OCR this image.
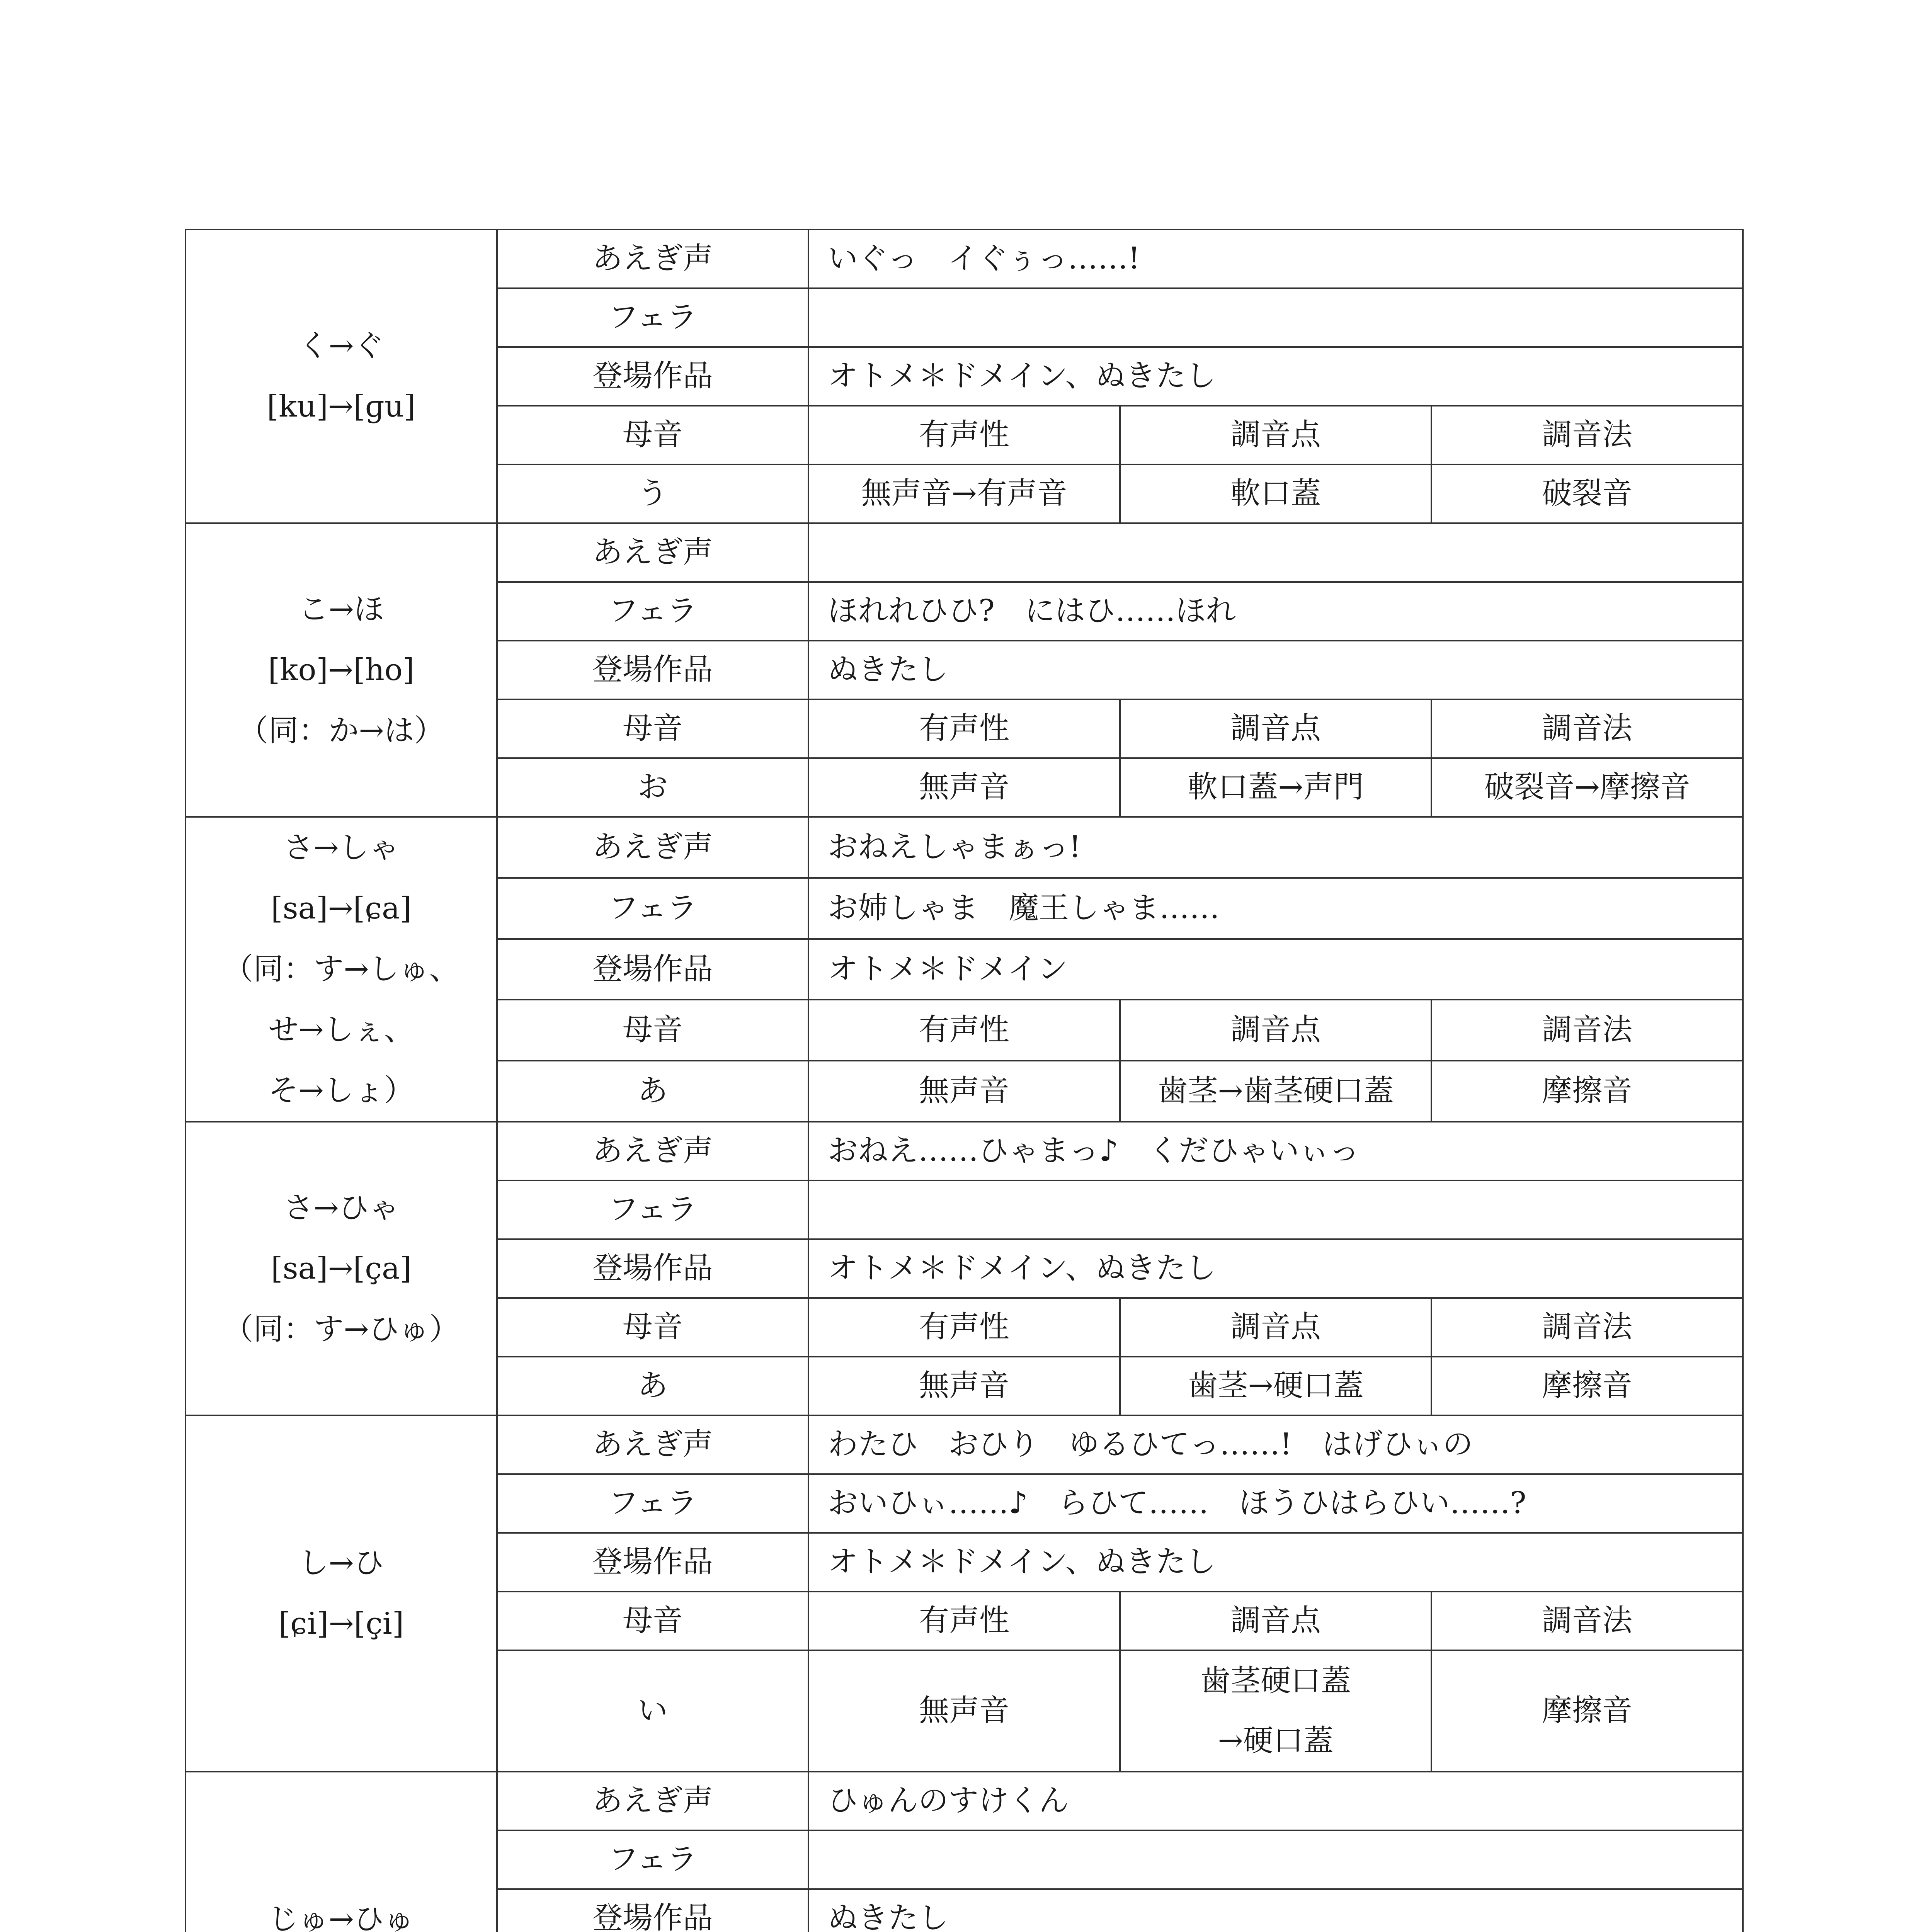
く→ぐ
[ku]→[ɡu]	あえぎ声	いぐっ　イぐぅっ……!		
	フェラ			
	登場作品	オトメ＊ドメイン、ぬきたし		
	母音	有声性	調音点	調音法
	う	無声音→有声音	軟口蓋	破裂音

こ→ほ
[ko]→[ho]
（同：か→は）	あえぎ声			
	フェラ	ほれれひひ?　にはひ……ほれ		
	登場作品	ぬきたし		
	母音	有声性	調音点	調音法
	お	無声音	軟口蓋→声門	破裂音→摩擦音

さ→しゃ
[sa]→[ɕa]
（同：す→しゅ、
せ→しぇ、
そ→しょ）	あえぎ声	おねえしゃまぁっ!		
	フェラ	お姉しゃま　魔王しゃま……		
	登場作品	オトメ＊ドメイン		
	母音	有声性	調音点	調音法
	あ	無声音	歯茎→歯茎硬口蓋	摩擦音

さ→ひゃ
[sa]→[ça]
（同：す→ひゅ）	あえぎ声	おねえ……ひゃまっ♪　くだひゃいぃっ		
	フェラ			
	登場作品	オトメ＊ドメイン、ぬきたし		
	母音	有声性	調音点	調音法
	あ	無声音	歯茎→硬口蓋	摩擦音

し→ひ
[ɕi]→[çi]	あえぎ声	わたひ　おひり　ゆるひてっ……!　はげひぃの		
	フェラ	おいひぃ……♪　らひて……　ほうひはらひい……?		
	登場作品	オトメ＊ドメイン、ぬきたし		
	母音	有声性	調音点	調音法
	い	無声音	歯茎硬口蓋
→硬口蓋	摩擦音

じゅ→ひゅ	あえぎ声	ひゅんのすけくん		
	フェラ			
	登場作品	ぬきたし		
